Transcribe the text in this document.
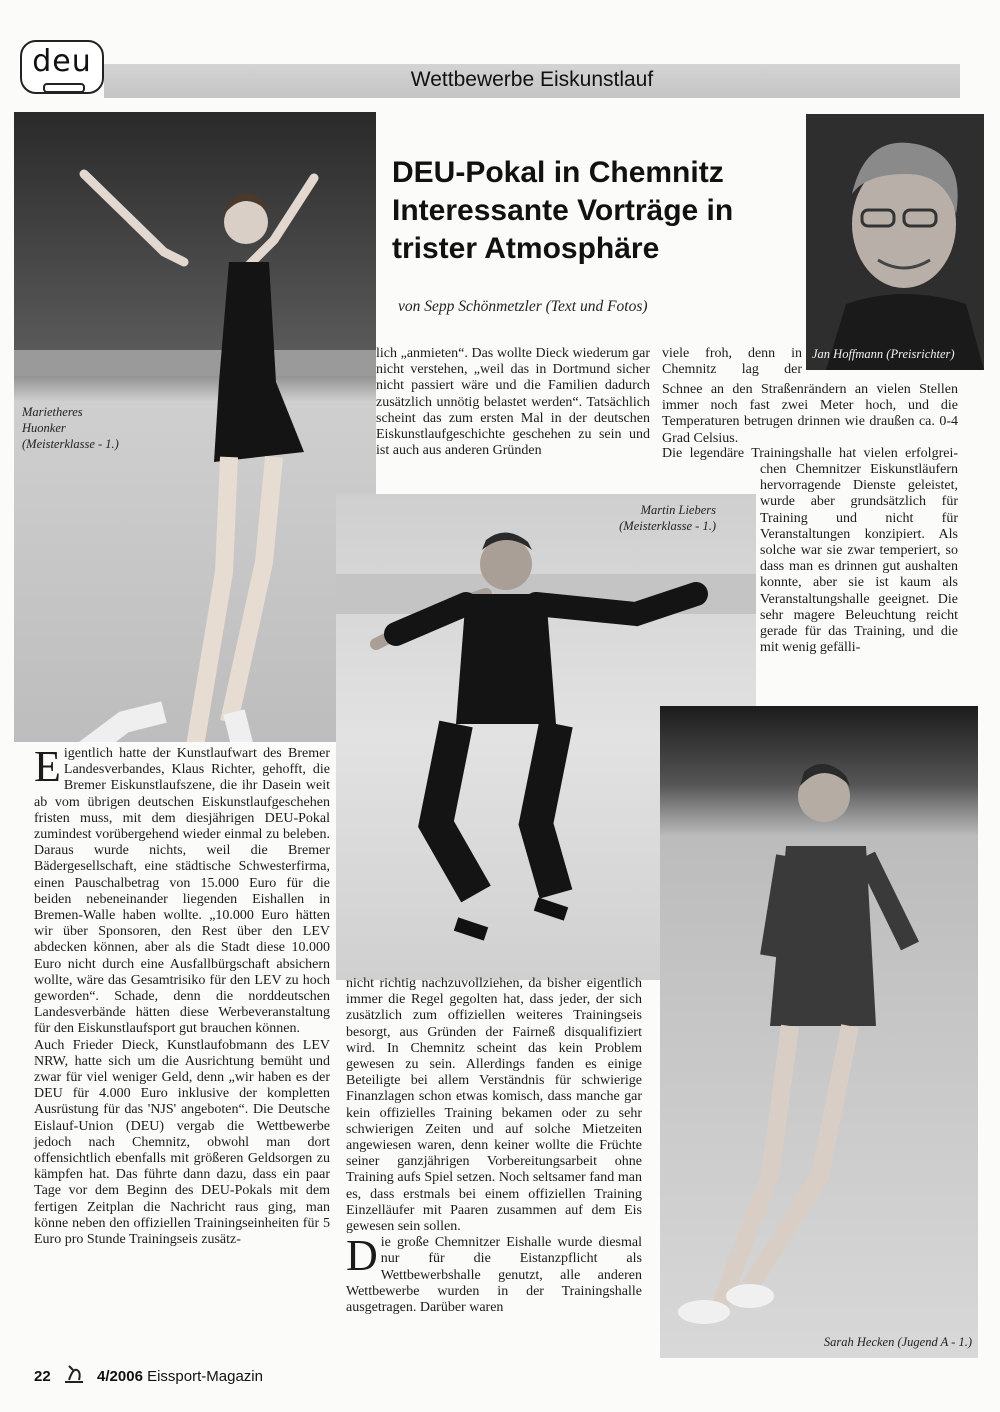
deu
Wettbewerbe Eiskunstlauf
Marietheres
Huonker
(Meisterklasse - 1.)
DEU-Pokal in Chemnitz
Interessante Vorträge in
trister Atmosphäre
von Sepp Schönmetzler (Text und Fotos)
Jan Hoffmann (Preisrichter)

lich „anmieten“. Das wollte Dieck wiederum gar nicht verstehen, „weil das in Dortmund sicher nicht passiert wäre und die Familien dadurch zusätzlich unnötig belastet werden“. Tatsächlich scheint das zum ersten Mal in der deutschen Eiskunstlaufgeschichte geschehen zu sein und ist auch aus anderen Gründen

viele froh, denn in

Chemnitz lag der

Schnee an den Straßenrändern an vielen Stellen immer noch fast zwei Meter hoch, und die Temperaturen betrugen drinnen wie draußen ca. 0-4 Grad Celsius.

Die legendäre Trainingshalle hat vielen erfolgrei-

Martin Liebers
(Meisterklasse - 1.)

chen Chemnitzer Eiskunstläufern hervorragende Dienste geleistet, wurde aber grundsätzlich für Training und nicht für Veranstaltungen konzipiert. Als solche war sie zwar temperiert, so dass man es drinnen gut aushalten konnte, aber sie ist kaum als Veranstaltungshalle geeignet. Die sehr magere Beleuchtung reicht gerade für das Training, und die mit wenig gefälli-

Sarah Hecken (Jugend A - 1.)

Eigentlich hatte der Kunstlaufwart des Bremer Landesverbandes, Klaus Richter, gehofft, die Bremer Eiskunstlaufszene, die ihr Dasein weit ab vom übrigen deutschen Eiskunstlaufgeschehen fristen muss, mit dem diesjährigen DEU-Pokal zumindest vorübergehend wieder einmal zu beleben. Daraus wurde nichts, weil die Bremer Bädergesellschaft, eine städtische Schwesterfirma, einen Pauschalbetrag von 15.000 Euro für die beiden nebeneinander liegenden Eishallen in Bremen-Walle haben wollte. „10.000 Euro hätten wir über Sponsoren, den Rest über den LEV abdecken können, aber als die Stadt diese 10.000 Euro nicht durch eine Ausfallbürgschaft absichern wollte, wäre das Gesamtrisiko für den LEV zu hoch geworden“. Schade, denn die norddeutschen Landesverbände hätten diese Werbeveranstaltung für den Eiskunstlaufsport gut brauchen können.

Auch Frieder Dieck, Kunstlaufobmann des LEV NRW, hatte sich um die Ausrichtung bemüht und zwar für viel weniger Geld, denn „wir haben es der DEU für 4.000 Euro inklusive der kompletten Ausrüstung für das 'NJS' angeboten“. Die Deutsche Eislauf-Union (DEU) vergab die Wettbewerbe jedoch nach Chemnitz, obwohl man dort offensichtlich ebenfalls mit größeren Geldsorgen zu kämpfen hat. Das führte dann dazu, dass ein paar Tage vor dem Beginn des DEU-Pokals mit dem fertigen Zeitplan die Nachricht raus ging, man könne neben den offiziellen Trainingseinheiten für 5 Euro pro Stunde Trainingseis zusätz-

nicht richtig nachzuvollziehen, da bisher eigentlich immer die Regel gegolten hat, dass jeder, der sich zusätzlich zum offiziellen weiteres Trainingseis besorgt, aus Gründen der Fairneß disqualifiziert wird. In Chemnitz scheint das kein Problem gewesen zu sein. Allerdings fanden es einige Beteiligte bei allem Verständnis für schwierige Finanzlagen schon etwas komisch, dass manche gar kein offizielles Training bekamen oder zu sehr schwierigen Zeiten und auf solche Mietzeiten angewiesen waren, denn keiner wollte die Früchte seiner ganzjährigen Vorbereitungsarbeit ohne Training aufs Spiel setzen. Noch seltsamer fand man es, dass erstmals bei einem offiziellen Training Einzelläufer mit Paaren zusammen auf dem Eis gewesen sein sollen.

Die große Chemnitzer Eishalle wurde diesmal nur für die Eistanzpflicht als Wettbewerbshalle genutzt, alle anderen Wettbewerbe wurden in der Trainingshalle ausgetragen. Darüber waren

22	4/2006 Eissport-Magazin
